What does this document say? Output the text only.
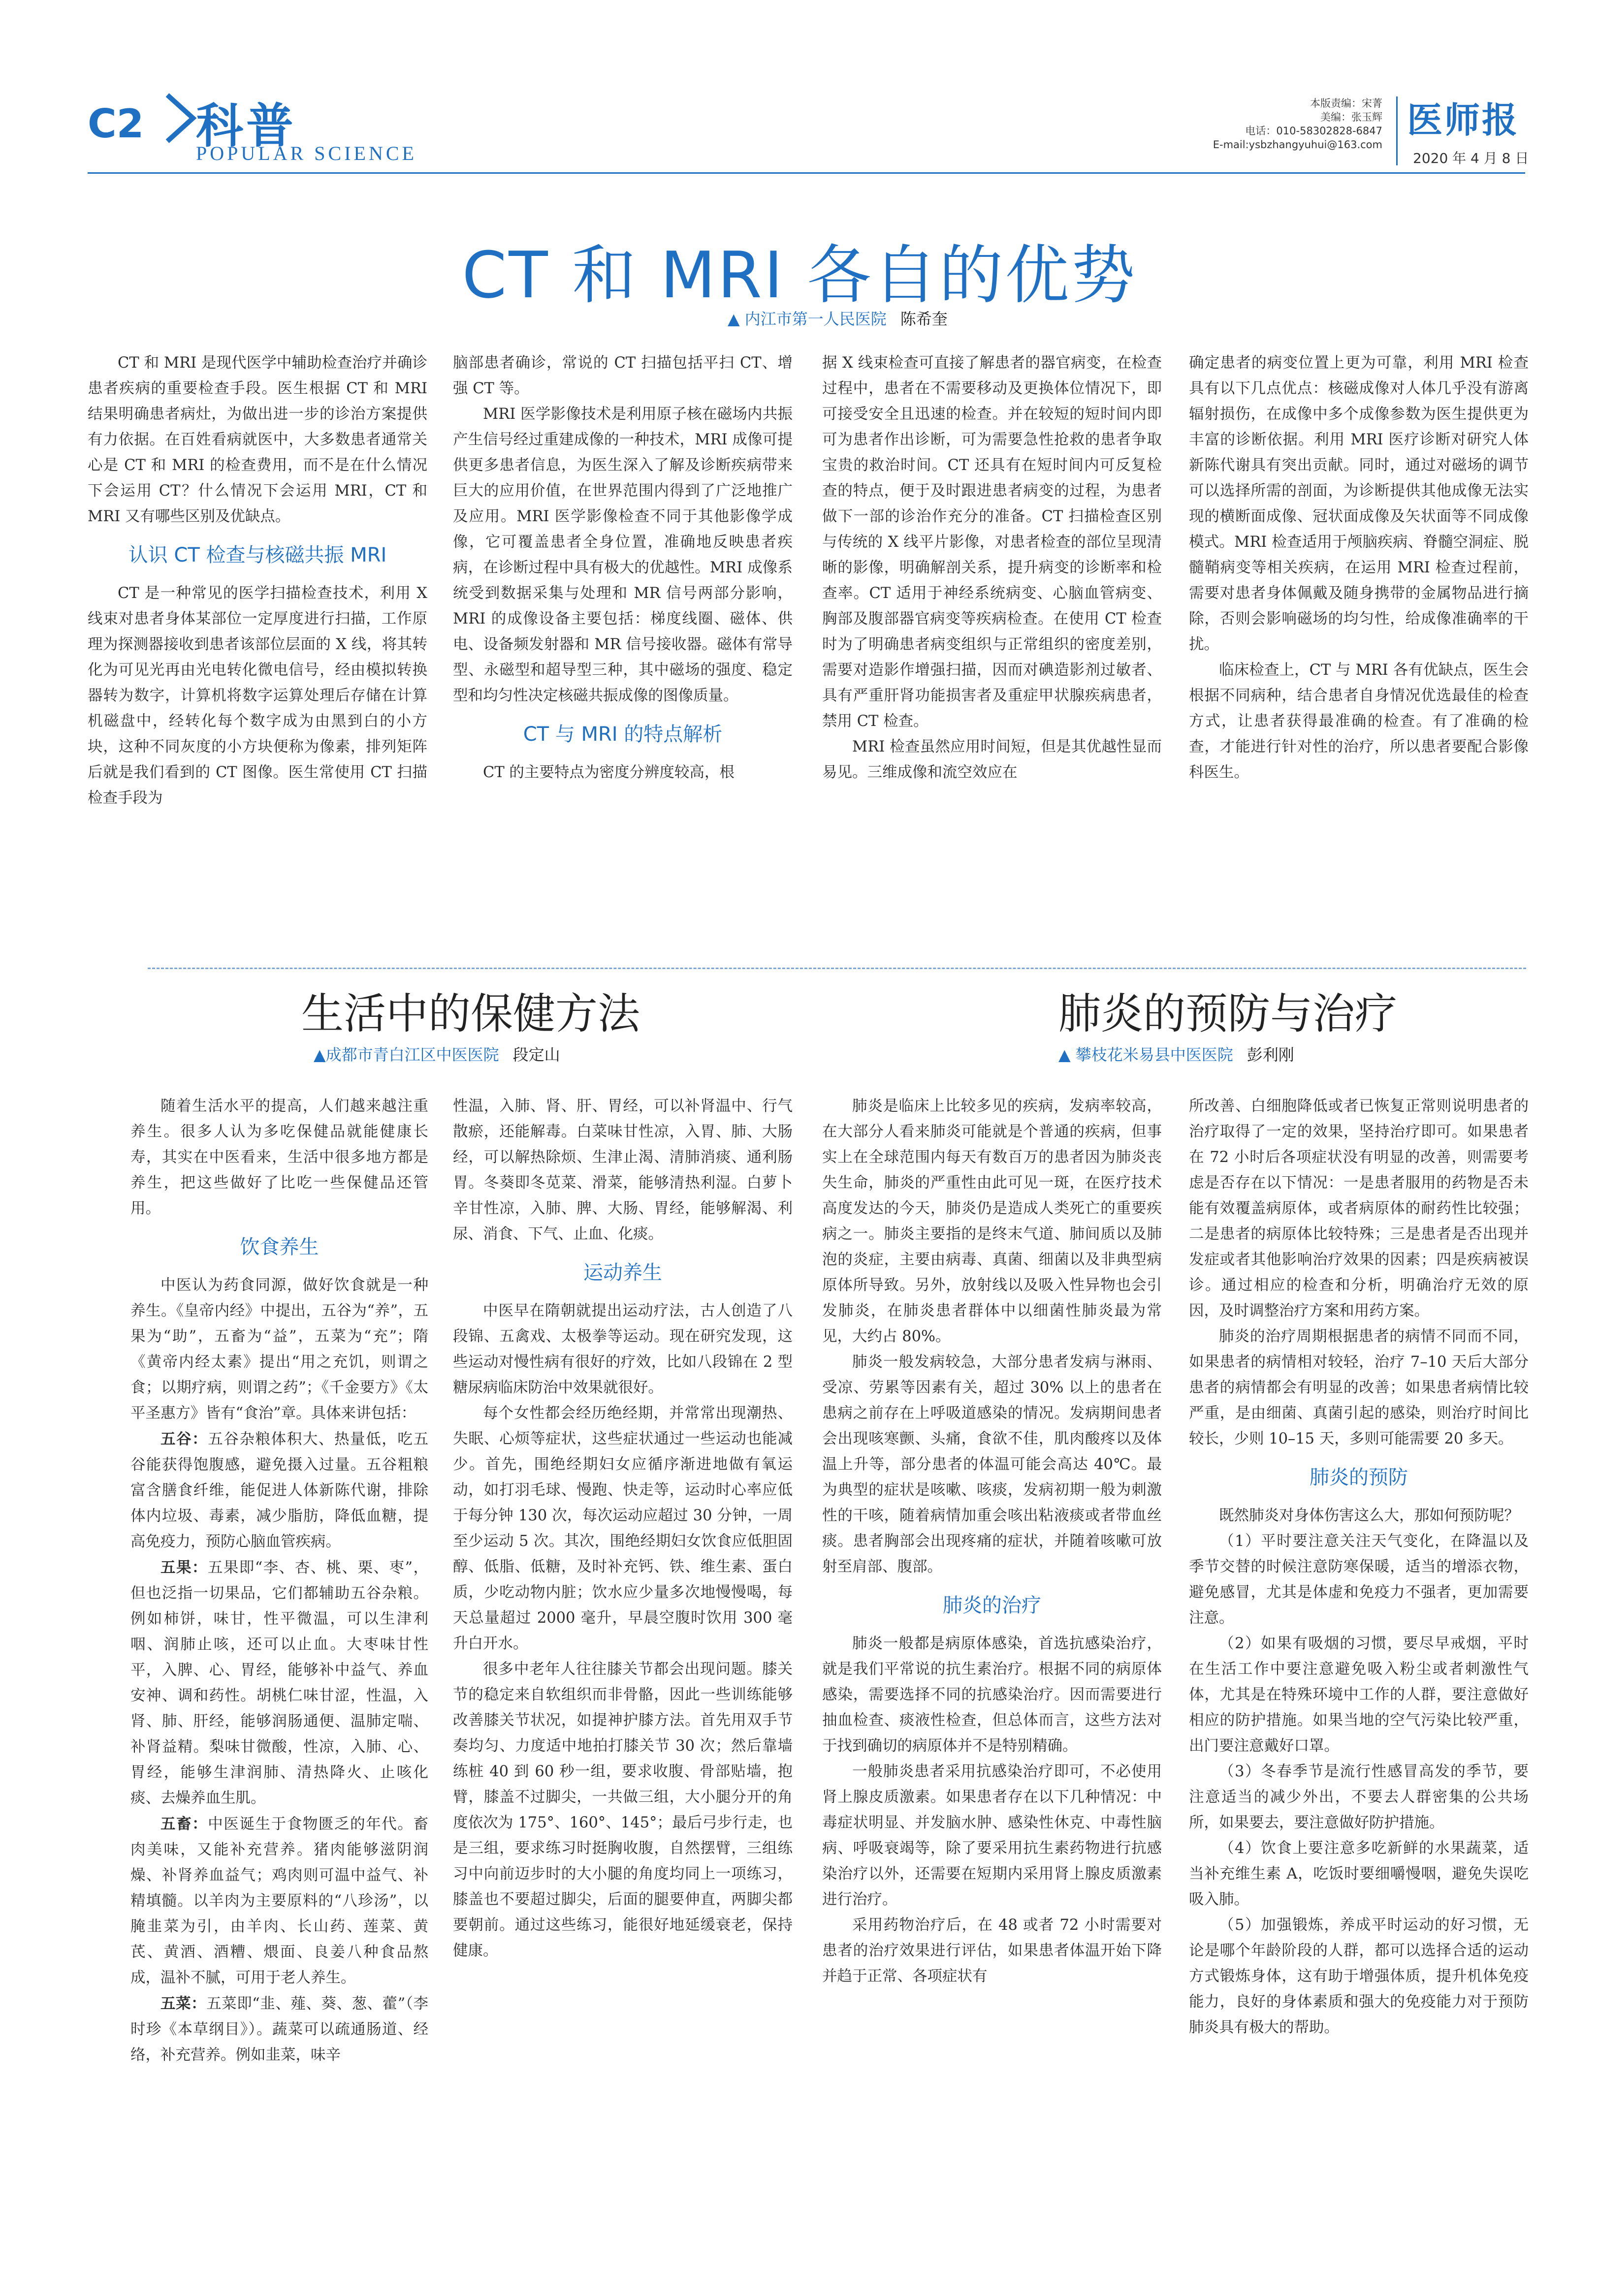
C2 科普
POPULAR SCIENCE
本版责编：宋菁
美编：张玉辉
电话：010-58302828-6847
E-mail:ysbzhangyuhui@163.com
医师报
2020 年 4 月 8 日
CT 和 MRI 各自的优势
▲ 内江市第一人民医院 陈希奎

CT 和 MRI 是现代医学中辅助检查治疗并确诊患者疾病的重要检查手段。医生根据 CT 和 MRI 结果明确患者病灶，为做出进一步的诊治方案提供有力依据。在百姓看病就医中，大多数患者通常关心是 CT 和 MRI 的检查费用，而不是在什么情况下会运用 CT？什么情况下会运用 MRI，CT 和 MRI 又有哪些区别及优缺点。

认识 CT 检查与核磁共振 MRI

CT 是一种常见的医学扫描检查技术，利用 X 线束对患者身体某部位一定厚度进行扫描，工作原理为探测器接收到患者该部位层面的 X 线，将其转化为可见光再由光电转化微电信号，经由模拟转换器转为数字，计算机将数字运算处理后存储在计算机磁盘中，经转化每个数字成为由黑到白的小方块，这种不同灰度的小方块便称为像素，排列矩阵后就是我们看到的 CT 图像。医生常使用 CT 扫描检查手段为

脑部患者确诊，常说的 CT 扫描包括平扫 CT、增强 CT 等。

MRI 医学影像技术是利用原子核在磁场内共振产生信号经过重建成像的一种技术，MRI 成像可提供更多患者信息，为医生深入了解及诊断疾病带来巨大的应用价值，在世界范围内得到了广泛地推广及应用。MRI 医学影像检查不同于其他影像学成像，它可覆盖患者全身位置，准确地反映患者疾病，在诊断过程中具有极大的优越性。MRI 成像系统受到数据采集与处理和 MR 信号两部分影响，MRI 的成像设备主要包括：梯度线圈、磁体、供电、设备频发射器和 MR 信号接收器。磁体有常导型、永磁型和超导型三种，其中磁场的强度、稳定型和均匀性决定核磁共振成像的图像质量。

CT 与 MRI 的特点解析

CT 的主要特点为密度分辨度较高，根

据 X 线束检查可直接了解患者的器官病变，在检查过程中，患者在不需要移动及更换体位情况下，即可接受安全且迅速的检查。并在较短的短时间内即可为患者作出诊断，可为需要急性抢救的患者争取宝贵的救治时间。CT 还具有在短时间内可反复检查的特点，便于及时跟进患者病变的过程，为患者做下一部的诊治作充分的准备。CT 扫描检查区别与传统的 X 线平片影像，对患者检查的部位呈现清晰的影像，明确解剖关系，提升病变的诊断率和检查率。CT 适用于神经系统病变、心脑血管病变、胸部及腹部器官病变等疾病检查。在使用 CT 检查时为了明确患者病变组织与正常组织的密度差别，需要对造影作增强扫描，因而对碘造影剂过敏者、具有严重肝肾功能损害者及重症甲状腺疾病患者，禁用 CT 检查。

MRI 检查虽然应用时间短，但是其优越性显而易见。三维成像和流空效应在

确定患者的病变位置上更为可靠，利用 MRI 检查具有以下几点优点：核磁成像对人体几乎没有游离辐射损伤，在成像中多个成像参数为医生提供更为丰富的诊断依据。利用 MRI 医疗诊断对研究人体新陈代谢具有突出贡献。同时，通过对磁场的调节可以选择所需的剖面，为诊断提供其他成像无法实现的横断面成像、冠状面成像及矢状面等不同成像模式。MRI 检查适用于颅脑疾病、脊髓空洞症、脱髓鞘病变等相关疾病，在运用 MRI 检查过程前，需要对患者身体佩戴及随身携带的金属物品进行摘除，否则会影响磁场的均匀性，给成像准确率的干扰。

临床检查上，CT 与 MRI 各有优缺点，医生会根据不同病种，结合患者自身情况优选最佳的检查方式，让患者获得最准确的检查。有了准确的检查，才能进行针对性的治疗，所以患者要配合影像科医生。

生活中的保健方法
▲成都市青白江区中医医院 段定山

随着生活水平的提高，人们越来越注重养生。很多人认为多吃保健品就能健康长寿，其实在中医看来，生活中很多地方都是养生，把这些做好了比吃一些保健品还管用。

饮食养生

中医认为药食同源，做好饮食就是一种养生。《皇帝内经》中提出，五谷为“养”，五果为“助”，五畜为“益”，五菜为“充”；隋《黄帝内经太素》提出“用之充饥，则谓之食；以期疗病，则谓之药”；《千金要方》《太平圣惠方》皆有“食治”章。具体来讲包括：

五谷：五谷杂粮体积大、热量低，吃五谷能获得饱腹感，避免摄入过量。五谷粗粮富含膳食纤维，能促进人体新陈代谢，排除体内垃圾、毒素，减少脂肪，降低血糖，提高免疫力，预防心脑血管疾病。

五果：五果即“李、杏、桃、栗、枣”，但也泛指一切果品，它们都辅助五谷杂粮。例如柿饼，味甘，性平微温，可以生津利咽、润肺止咳，还可以止血。大枣味甘性平，入脾、心、胃经，能够补中益气、养血安神、调和药性。胡桃仁味甘涩，性温，入肾、肺、肝经，能够润肠通便、温肺定喘、补肾益精。梨味甘微酸，性凉，入肺、心、胃经，能够生津润肺、清热降火、止咳化痰、去燥养血生肌。

五畜：中医诞生于食物匮乏的年代。畜肉美味，又能补充营养。猪肉能够滋阴润燥、补肾养血益气；鸡肉则可温中益气、补精填髓。以羊肉为主要原料的“八珍汤”，以腌韭菜为引，由羊肉、长山药、莲菜、黄芪、黄酒、酒糟、煨面、良姜八种食品熬成，温补不腻，可用于老人养生。

五菜：五菜即“韭、薤、葵、葱、藿”（李时珍《本草纲目》）。蔬菜可以疏通肠道、经络，补充营养。例如韭菜，味辛

性温，入肺、肾、肝、胃经，可以补肾温中、行气散瘀，还能解毒。白菜味甘性凉，入胃、肺、大肠经，可以解热除烦、生津止渴、清肺消痰、通利肠胃。冬葵即冬苋菜、滑菜，能够清热利湿。白萝卜辛甘性凉，入肺、脾、大肠、胃经，能够解渴、利尿、消食、下气、止血、化痰。

运动养生

中医早在隋朝就提出运动疗法，古人创造了八段锦、五禽戏、太极拳等运动。现在研究发现，这些运动对慢性病有很好的疗效，比如八段锦在 2 型糖尿病临床防治中效果就很好。

每个女性都会经历绝经期，并常常出现潮热、失眠、心烦等症状，这些症状通过一些运动也能减少。首先，围绝经期妇女应循序渐进地做有氧运动，如打羽毛球、慢跑、快走等，运动时心率应低于每分钟 130 次，每次运动应超过 30 分钟，一周至少运动 5 次。其次，围绝经期妇女饮食应低胆固醇、低脂、低糖，及时补充钙、铁、维生素、蛋白质，少吃动物内脏；饮水应少量多次地慢慢喝，每天总量超过 2000 毫升，早晨空腹时饮用 300 毫升白开水。

很多中老年人往往膝关节都会出现问题。膝关节的稳定来自软组织而非骨骼，因此一些训练能够改善膝关节状况，如提神护膝方法。首先用双手节奏均匀、力度适中地拍打膝关节 30 次；然后靠墙练桩 40 到 60 秒一组，要求收腹、骨部贴墙，抱臂，膝盖不过脚尖，一共做三组，大小腿分开的角度依次为 175°、160°、145°；最后弓步行走，也是三组，要求练习时挺胸收腹，自然摆臂，三组练习中向前迈步时的大小腿的角度均同上一项练习，膝盖也不要超过脚尖，后面的腿要伸直，两脚尖都要朝前。通过这些练习，能很好地延缓衰老，保持健康。

肺炎的预防与治疗
▲ 攀枝花米易县中医医院 彭利刚

肺炎是临床上比较多见的疾病，发病率较高，在大部分人看来肺炎可能就是个普通的疾病，但事实上在全球范围内每天有数百万的患者因为肺炎丧失生命，肺炎的严重性由此可见一斑，在医疗技术高度发达的今天，肺炎仍是造成人类死亡的重要疾病之一。肺炎主要指的是终末气道、肺间质以及肺泡的炎症，主要由病毒、真菌、细菌以及非典型病原体所导致。另外，放射线以及吸入性异物也会引发肺炎，在肺炎患者群体中以细菌性肺炎最为常见，大约占 80%。

肺炎一般发病较急，大部分患者发病与淋雨、受凉、劳累等因素有关，超过 30% 以上的患者在患病之前存在上呼吸道感染的情况。发病期间患者会出现咳寒颤、头痛，食欲不佳，肌肉酸疼以及体温上升等，部分患者的体温可能会高达 40℃。最为典型的症状是咳嗽、咳痰，发病初期一般为刺激性的干咳，随着病情加重会咳出粘液痰或者带血丝痰。患者胸部会出现疼痛的症状，并随着咳嗽可放射至肩部、腹部。

肺炎的治疗

肺炎一般都是病原体感染，首选抗感染治疗，就是我们平常说的抗生素治疗。根据不同的病原体感染，需要选择不同的抗感染治疗。因而需要进行抽血检查、痰液性检查，但总体而言，这些方法对于找到确切的病原体并不是特别精确。

一般肺炎患者采用抗感染治疗即可，不必使用肾上腺皮质激素。如果患者存在以下几种情况：中毒症状明显、并发脑水肿、感染性休克、中毒性脑病、呼吸衰竭等，除了要采用抗生素药物进行抗感染治疗以外，还需要在短期内采用肾上腺皮质激素进行治疗。

采用药物治疗后，在 48 或者 72 小时需要对患者的治疗效果进行评估，如果患者体温开始下降并趋于正常、各项症状有

所改善、白细胞降低或者已恢复正常则说明患者的治疗取得了一定的效果，坚持治疗即可。如果患者在 72 小时后各项症状没有明显的改善，则需要考虑是否存在以下情况：一是患者服用的药物是否未能有效覆盖病原体，或者病原体的耐药性比较强；二是患者的病原体比较特殊；三是患者是否出现并发症或者其他影响治疗效果的因素；四是疾病被误诊。通过相应的检查和分析，明确治疗无效的原因，及时调整治疗方案和用药方案。

肺炎的治疗周期根据患者的病情不同而不同，如果患者的病情相对较轻，治疗 7–10 天后大部分患者的病情都会有明显的改善；如果患者病情比较严重，是由细菌、真菌引起的感染，则治疗时间比较长，少则 10–15 天，多则可能需要 20 多天。

肺炎的预防

既然肺炎对身体伤害这么大，那如何预防呢？

（1）平时要注意关注天气变化，在降温以及季节交替的时候注意防寒保暖，适当的增添衣物，避免感冒，尤其是体虚和免疫力不强者，更加需要注意。

（2）如果有吸烟的习惯，要尽早戒烟，平时在生活工作中要注意避免吸入粉尘或者刺激性气体，尤其是在特殊环境中工作的人群，要注意做好相应的防护措施。如果当地的空气污染比较严重，出门要注意戴好口罩。

（3）冬春季节是流行性感冒高发的季节，要注意适当的减少外出，不要去人群密集的公共场所，如果要去，要注意做好防护措施。

（4）饮食上要注意多吃新鲜的水果蔬菜，适当补充维生素 A，吃饭时要细嚼慢咽，避免失误吃吸入肺。

（5）加强锻炼，养成平时运动的好习惯，无论是哪个年龄阶段的人群，都可以选择合适的运动方式锻炼身体，这有助于增强体质，提升机体免疫能力，良好的身体素质和强大的免疫能力对于预防肺炎具有极大的帮助。
